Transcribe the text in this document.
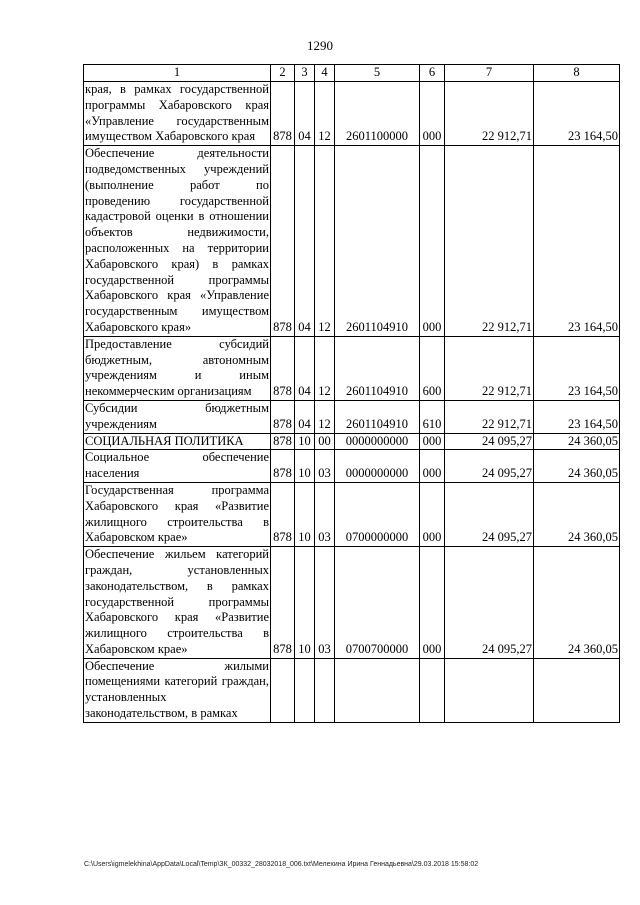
1290
1	2	3	4	5	6	7	8
края, в рамках государственной программы Хабаровского края «Управление государственным имуществом Хабаровского края	878	04	12	2601100000	000	22 912,71	23 164,50
Обеспечение деятельности подведомственных учреждений (выполнение работ по проведению государственной кадастровой оценки в отношении объектов недвижимости, расположенных на территории Хабаровского края) в рамках государственной программы Хабаровского края «Управление государственным имуществом Хабаровского края»	878	04	12	2601104910	000	22 912,71	23 164,50
Предоставление субсидий бюджетным, автономным учреждениям и иным некоммерческим организациям	878	04	12	2601104910	600	22 912,71	23 164,50
Субсидии бюджетным учреждениям	878	04	12	2601104910	610	22 912,71	23 164,50
СОЦИАЛЬНАЯ ПОЛИТИКА	878	10	00	0000000000	000	24 095,27	24 360,05
Социальное обеспечение населения	878	10	03	0000000000	000	24 095,27	24 360,05
Государственная программа Хабаровского края «Развитие жилищного строительства в Хабаровском крае»	878	10	03	0700000000	000	24 095,27	24 360,05
Обеспечение жильем категорий граждан, установленных законодательством, в рамках государственной программы Хабаровского края «Развитие жилищного строительства в Хабаровском крае»	878	10	03	0700700000	000	24 095,27	24 360,05
Обеспечение жилыми помещениями категорий граждан, установленных законодательством, в рамках							
C:\Users\igmelekhina\AppData\Local\Temp\ЗК_00332_28032018_006.txt\Мелехина Ирина Геннадьевна\29.03.2018 15:58:02
